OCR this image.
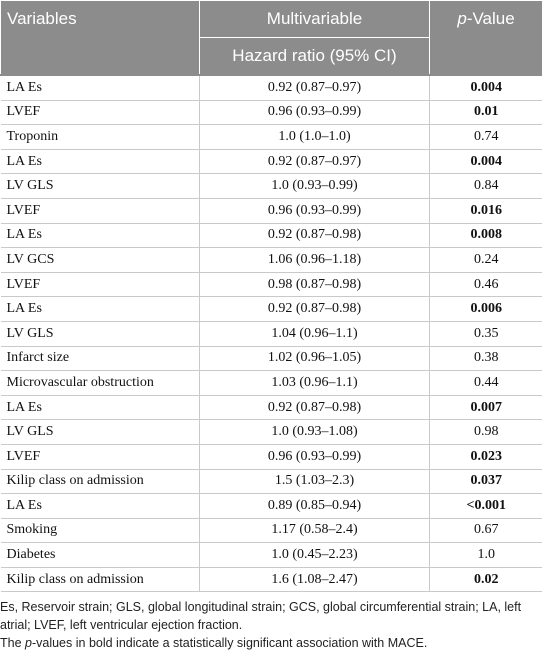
Variables	Multivariable	p-Value
	Hazard ratio (95% CI)	
LA Es	0.92 (0.87–0.97)	0.004
LVEF	0.96 (0.93–0.99)	0.01
Troponin	1.0 (1.0–1.0)	0.74
LA Es	0.92 (0.87–0.97)	0.004
LV GLS	1.0 (0.93–0.99)	0.84
LVEF	0.96 (0.93–0.99)	0.016
LA Es	0.92 (0.87–0.98)	0.008
LV GCS	1.06 (0.96–1.18)	0.24
LVEF	0.98 (0.87–0.98)	0.46
LA Es	0.92 (0.87–0.98)	0.006
LV GLS	1.04 (0.96–1.1)	0.35
Infarct size	1.02 (0.96–1.05)	0.38
Microvascular obstruction	1.03 (0.96–1.1)	0.44
LA Es	0.92 (0.87–0.98)	0.007
LV GLS	1.0 (0.93–1.08)	0.98
LVEF	0.96 (0.93–0.99)	0.023
Kilip class on admission	1.5 (1.03–2.3)	0.037
LA Es	0.89 (0.85–0.94)	<0.001
Smoking	1.17 (0.58–2.4)	0.67
Diabetes	1.0 (0.45–2.23)	1.0
Kilip class on admission	1.6 (1.08–2.47)	0.02

Es, Reservoir strain; GLS, global longitudinal strain; GCS, global circumferential strain; LA, left atrial; LVEF, left ventricular ejection fraction.

The p-values in bold indicate a statistically significant association with MACE.
